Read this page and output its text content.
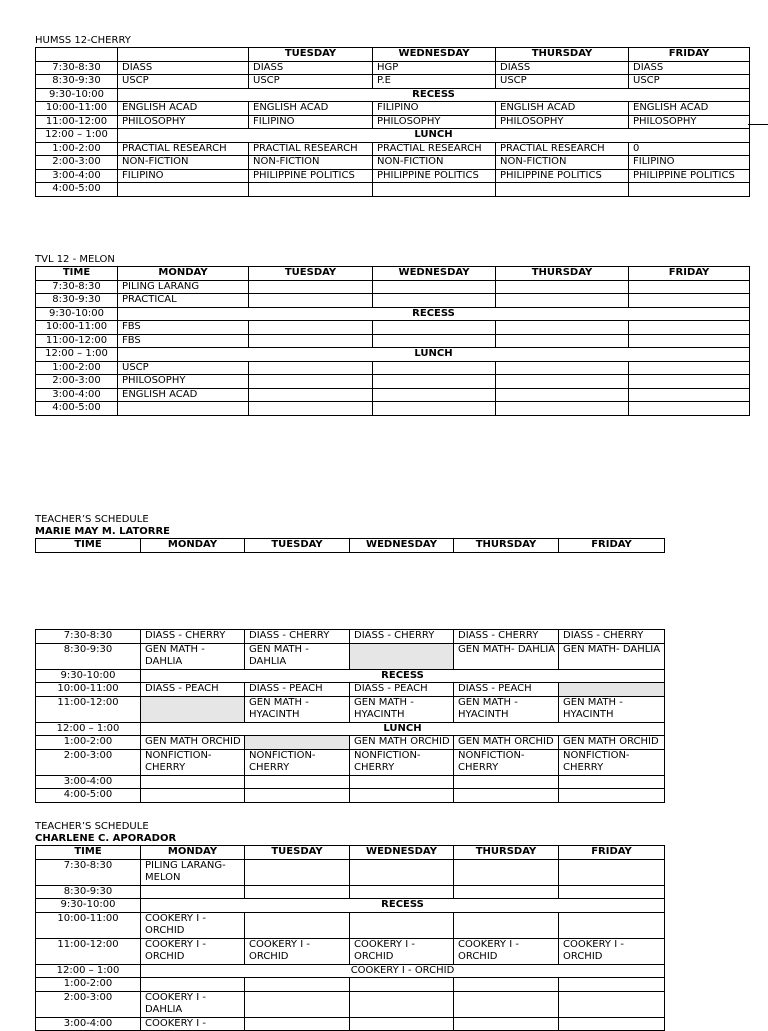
HUMSS 12-CHERRY
		TUESDAY	WEDNESDAY	THURSDAY	FRIDAY
7:30-8:30	DIASS	DIASS	HGP	DIASS	DIASS
8:30-9:30	USCP	USCP	P.E	USCP	USCP
9:30-10:00	RECESS				
10:00-11:00	ENGLISH ACAD	ENGLISH ACAD	FILIPINO	ENGLISH ACAD	ENGLISH ACAD
11:00-12:00	PHILOSOPHY	FILIPINO	PHILOSOPHY	PHILOSOPHY	PHILOSOPHY
12:00 – 1:00	LUNCH				
1:00-2:00	PRACTIAL RESEARCH	PRACTIAL RESEARCH	PRACTIAL RESEARCH	PRACTIAL RESEARCH	0
2:00-3:00	NON-FICTION	NON-FICTION	NON-FICTION	NON-FICTION	FILIPINO
3:00-4:00	FILIPINO	PHILIPPINE POLITICS	PHILIPPINE POLITICS	PHILIPPINE POLITICS	PHILIPPINE POLITICS
4:00-5:00					
TVL 12 - MELON
TIME	MONDAY	TUESDAY	WEDNESDAY	THURSDAY	FRIDAY
7:30-8:30	PILING LARANG				
8:30-9:30	PRACTICAL				
9:30-10:00	RECESS				
10:00-11:00	FBS				
11:00-12:00	FBS				
12:00 – 1:00	LUNCH				
1:00-2:00	USCP				
2:00-3:00	PHILOSOPHY				
3:00-4:00	ENGLISH ACAD				
4:00-5:00					
TEACHER’S SCHEDULE
MARIE MAY M. LATORRE
TIME	MONDAY	TUESDAY	WEDNESDAY	THURSDAY	FRIDAY
7:30-8:30	DIASS - CHERRY	DIASS - CHERRY	DIASS - CHERRY	DIASS - CHERRY	DIASS - CHERRY
8:30-9:30	GEN MATH - DAHLIA	GEN MATH - DAHLIA		GEN MATH- DAHLIA	GEN MATH- DAHLIA
9:30-10:00	RECESS				
10:00-11:00	DIASS - PEACH	DIASS - PEACH	DIASS - PEACH	DIASS - PEACH	
11:00-12:00		GEN MATH - HYACINTH	GEN MATH - HYACINTH	GEN MATH - HYACINTH	GEN MATH - HYACINTH
12:00 – 1:00	LUNCH				
1:00-2:00	GEN MATH ORCHID		GEN MATH ORCHID	GEN MATH ORCHID	GEN MATH ORCHID
2:00-3:00	NONFICTION- CHERRY	NONFICTION- CHERRY	NONFICTION- CHERRY	NONFICTION- CHERRY	NONFICTION- CHERRY
3:00-4:00					
4:00-5:00					
TEACHER’S SCHEDULE
CHARLENE C. APORADOR
TIME	MONDAY	TUESDAY	WEDNESDAY	THURSDAY	FRIDAY
7:30-8:30	PILING LARANG- MELON				
8:30-9:30					
9:30-10:00	RECESS				
10:00-11:00	COOKERY I - ORCHID				
11:00-12:00	COOKERY I - ORCHID	COOKERY I - ORCHID	COOKERY I - ORCHID	COOKERY I - ORCHID	COOKERY I - ORCHID
12:00 – 1:00	COOKERY I - ORCHID				
1:00-2:00					
2:00-3:00	COOKERY I - DAHLIA				
3:00-4:00	COOKERY I -				
